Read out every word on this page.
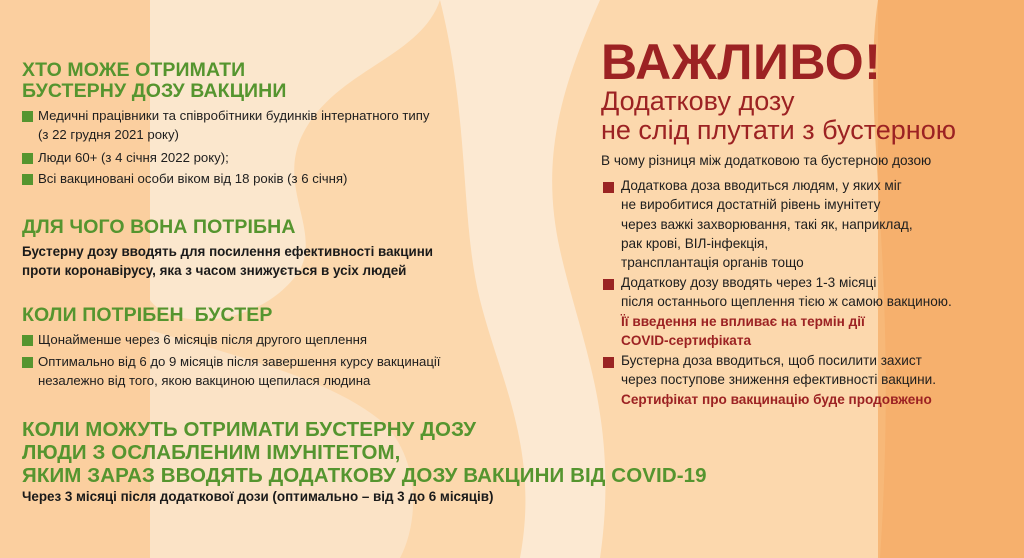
ХТО МОЖЕ ОТРИМАТИ
БУСТЕРНУ ДОЗУ ВАКЦИНИ
Медичні працівники та співробітники будинків інтернатного типу
(з 22 грудня 2021 року)
Люди 60+ (з 4 січня 2022 року);
Всі вакциновані особи віком від 18 років (з 6 січня)
ДЛЯ ЧОГО ВОНА ПОТРІБНА
Бустерну дозу вводять для посилення ефективності вакцини
проти коронавірусу, яка з часом знижується в усіх людей
КОЛИ ПОТРІБЕН  БУСТЕР
Щонайменше через 6 місяців після другого щеплення
Оптимально від 6 до 9 місяців після завершення курсу вакцинації
незалежно від того, якою вакциною щепилася людина
КОЛИ МОЖУТЬ ОТРИМАТИ БУСТЕРНУ ДОЗУ
ЛЮДИ З ОСЛАБЛЕНИМ ІМУНІТЕТОМ,
ЯКИМ ЗАРАЗ ВВОДЯТЬ ДОДАТКОВУ ДОЗУ ВАКЦИНИ ВІД COVID-19
Через 3 місяці після додаткової дози (оптимально – від 3 до 6 місяців)
ВАЖЛИВО!
Додаткову дозу
не слід плутати з бустерною
В чому різниця між додатковою та бустерною дозою
Додаткова доза вводиться людям, у яких міг
не виробитися достатній рівень імунітету
через важкі захворювання, такі як, наприклад,
рак крові, ВІЛ-інфекція,
трансплантація органів тощо
Додаткову дозу вводять через 1-3 місяці
після останнього щеплення тією ж самою вакциною.
Її введення не впливає на термін дії
COVID-сертифіката
Бустерна доза вводиться, щоб посилити захист
через поступове зниження ефективності вакцини.
Сертифікат про вакцинацію буде продовжено
